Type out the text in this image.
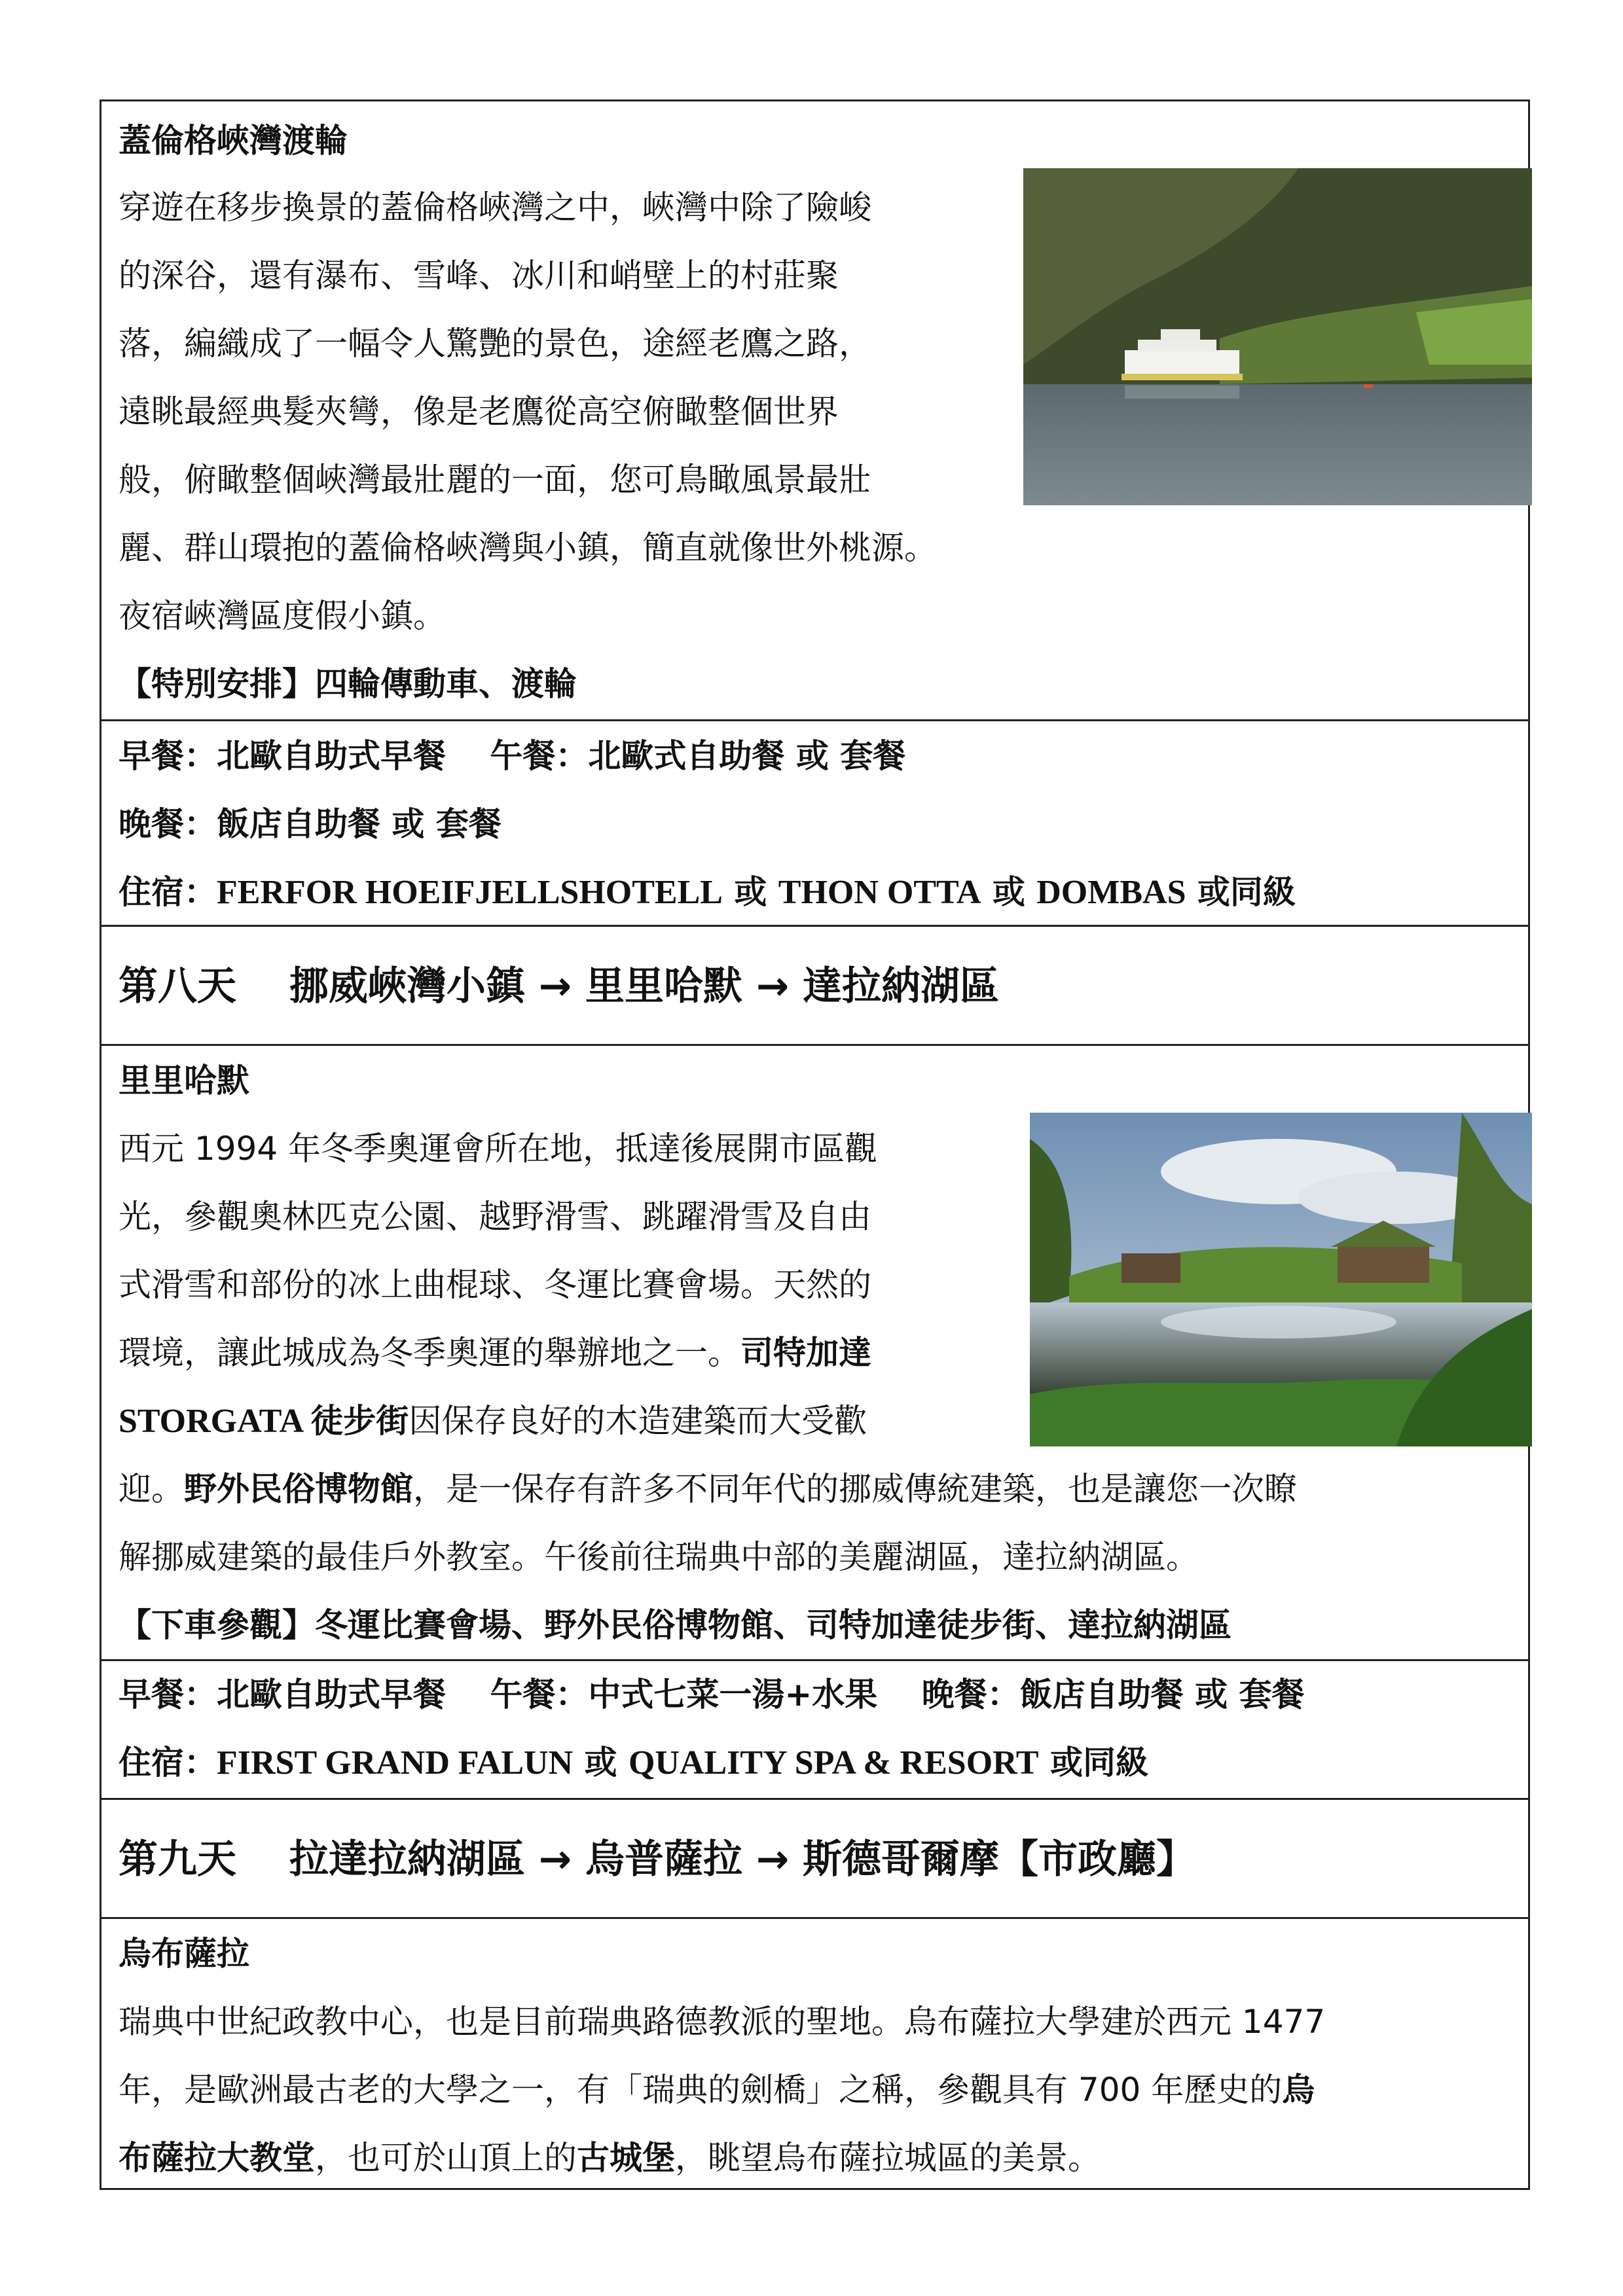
蓋倫格峽灣渡輪
穿遊在移步換景的蓋倫格峽灣之中，峽灣中除了險峻
的深谷，還有瀑布、雪峰、冰川和峭壁上的村莊聚
落，編織成了一幅令人驚艷的景色，途經老鷹之路，
遠眺最經典髮夾彎，像是老鷹從高空俯瞰整個世界
般，俯瞰整個峽灣最壯麗的一面，您可鳥瞰風景最壯
麗、群山環抱的蓋倫格峽灣與小鎮，簡直就像世外桃源。
夜宿峽灣區度假小鎮。
【特別安排】四輪傳動車、渡輪
早餐：北歐自助式早餐　 午餐：北歐式自助餐 或 套餐
晚餐：飯店自助餐 或 套餐
住宿：FERFOR HOEIFJELLSHOTELL 或 THON OTTA 或 DOMBAS 或同級
第八天　 挪威峽灣小鎮 → 里里哈默 → 達拉納湖區
里里哈默
西元 1994 年冬季奧運會所在地，抵達後展開市區觀
光，參觀奧林匹克公園、越野滑雪、跳躍滑雪及自由
式滑雪和部份的冰上曲棍球、冬運比賽會場。天然的
環境，讓此城成為冬季奧運的舉辦地之一。司特加達
STORGATA 徒步街因保存良好的木造建築而大受歡
迎。野外民俗博物館，是一保存有許多不同年代的挪威傳統建築，也是讓您一次瞭
解挪威建築的最佳戶外教室。午後前往瑞典中部的美麗湖區，達拉納湖區。
【下車參觀】冬運比賽會場、野外民俗博物館、司特加達徒步街、達拉納湖區
早餐：北歐自助式早餐　 午餐：中式七菜一湯+水果　 晚餐：飯店自助餐 或 套餐
住宿：FIRST GRAND FALUN 或 QUALITY SPA & RESORT 或同級
第九天　 拉達拉納湖區 → 烏普薩拉 → 斯德哥爾摩【市政廳】
烏布薩拉
瑞典中世紀政教中心，也是目前瑞典路德教派的聖地。烏布薩拉大學建於西元 1477
年，是歐洲最古老的大學之一，有「瑞典的劍橋」之稱，參觀具有 700 年歷史的烏
布薩拉大教堂，也可於山頂上的古城堡，眺望烏布薩拉城區的美景。
